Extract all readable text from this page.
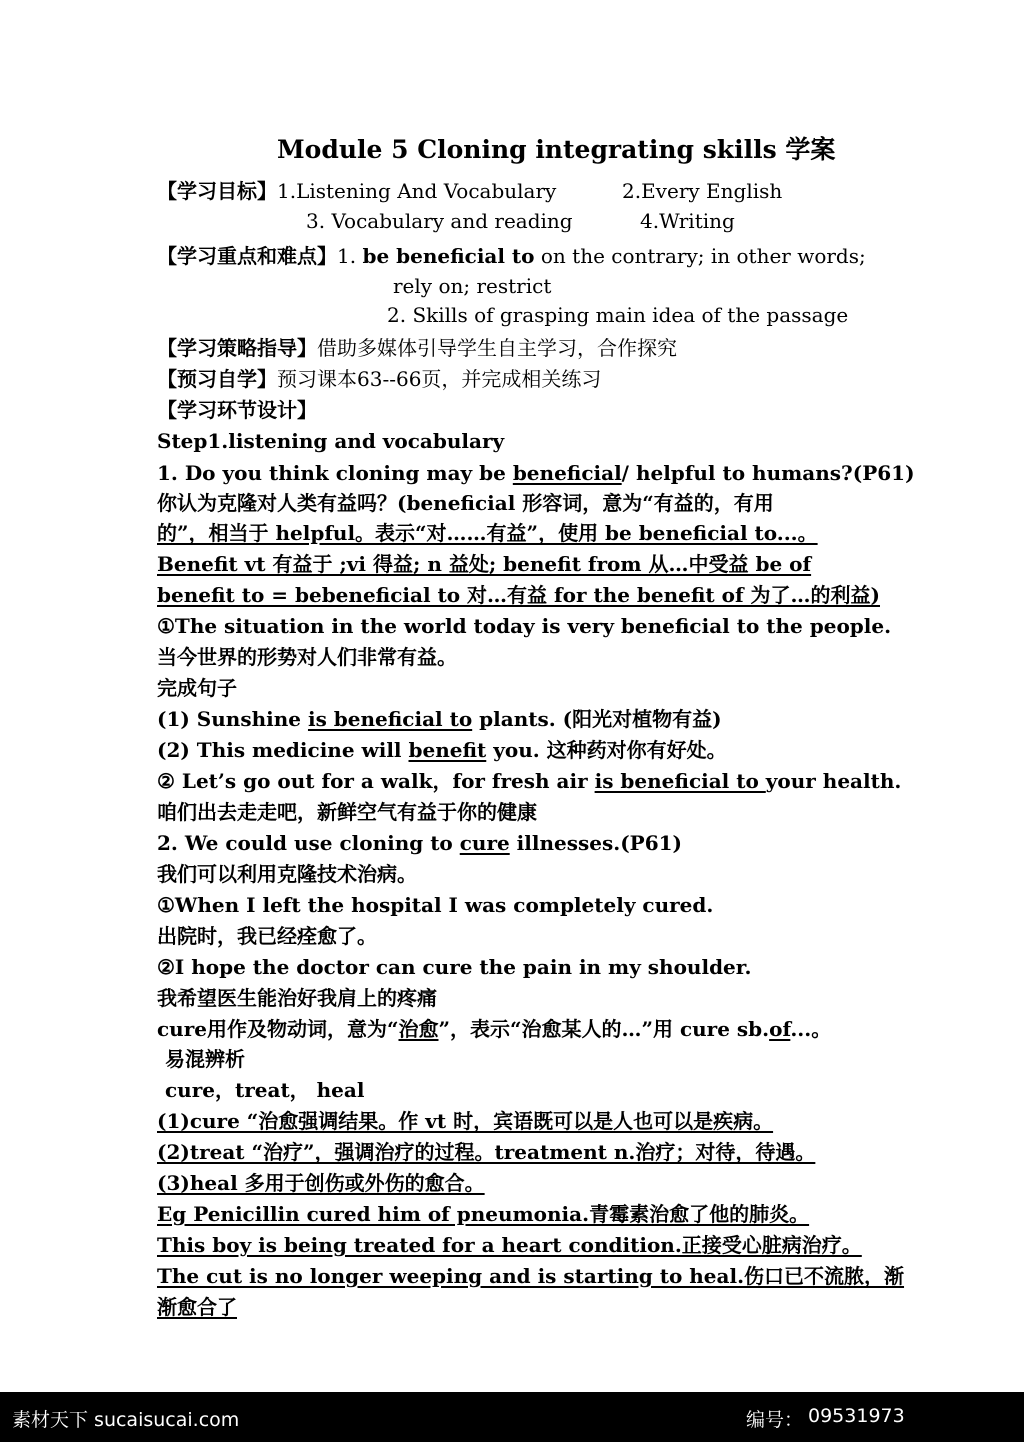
Module 5 Cloning integrating skills 学案
【学习目标】1.Listening And Vocabulary	2.Every English
3. Vocabulary and reading	4.Writing
【学习重点和难点】1. be beneficial to on the contrary; in other words;
rely on; restrict
2. Skills of grasping main idea of the passage
【学习策略指导】借助多媒体引导学生自主学习，合作探究
【预习自学】预习课本63--66页，并完成相关练习
【学习环节设计】
Step1.listening and vocabulary
1. Do you think cloning may be beneficial/ helpful to humans?(P61)
你认为克隆对人类有益吗？(beneficial 形容词，意为“有益的，有用
的”，相当于 helpful。表示“对……有益”，使用 be beneficial to...。
Benefit vt 有益于 ;vi 得益; n 益处; benefit from 从…中受益 be of
benefit to = bebeneficial to 对…有益 for the benefit of 为了…的利益)
①The situation in the world today is very beneficial to the people.
当今世界的形势对人们非常有益。
完成句子
(1) Sunshine is beneficial to plants. (阳光对植物有益)
(2) This medicine will benefit you. 这种药对你有好处。
② Let’s go out for a walk，for fresh air is beneficial to your health.
咱们出去走走吧，新鲜空气有益于你的健康
2. We could use cloning to cure illnesses.(P61)
我们可以利用克隆技术治病。
①When I left the hospital I was completely cured.
出院时，我已经痊愈了。
②I hope the doctor can cure the pain in my shoulder.
我希望医生能治好我肩上的疼痛
cure用作及物动词，意为“治愈”，表示“治愈某人的…”用 cure sb.of...。
易混辨析
cure，treat， heal
(1)cure “治愈强调结果。作 vt 时，宾语既可以是人也可以是疾病。
(2)treat “治疗”，强调治疗的过程。treatment n.治疗；对待，待遇。
(3)heal 多用于创伤或外伤的愈合。
Eg Penicillin cured him of pneumonia.青霉素治愈了他的肺炎。
This boy is being treated for a heart condition.正接受心脏病治疗。
The cut is no longer weeping and is starting to heal.伤口已不流脓，渐
渐愈合了
素材天下 sucaisucai.com	编号： 09531973
